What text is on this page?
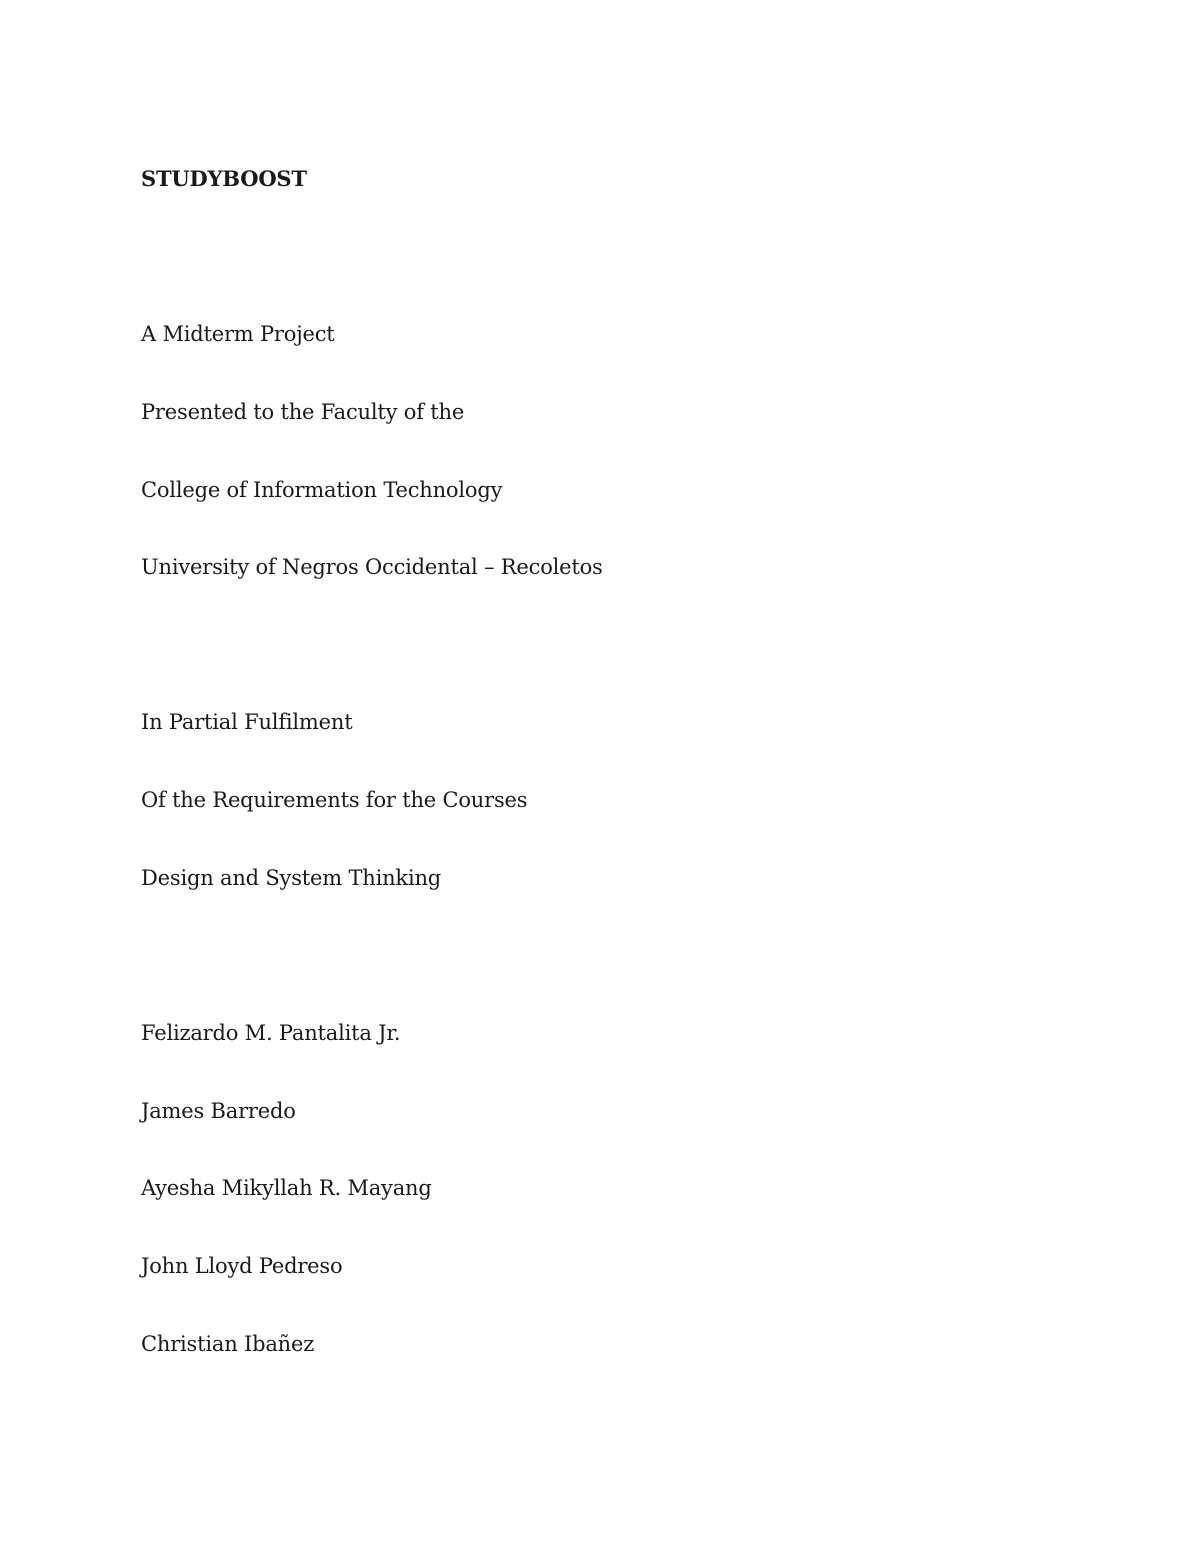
STUDYBOOST

A Midterm Project

Presented to the Faculty of the

College of Information Technology

University of Negros Occidental – Recoletos

In Partial Fulfilment

Of the Requirements for the Courses

Design and System Thinking

Felizardo M. Pantalita Jr.

James Barredo

Ayesha Mikyllah R. Mayang

John Lloyd Pedreso

Christian Ibañez
